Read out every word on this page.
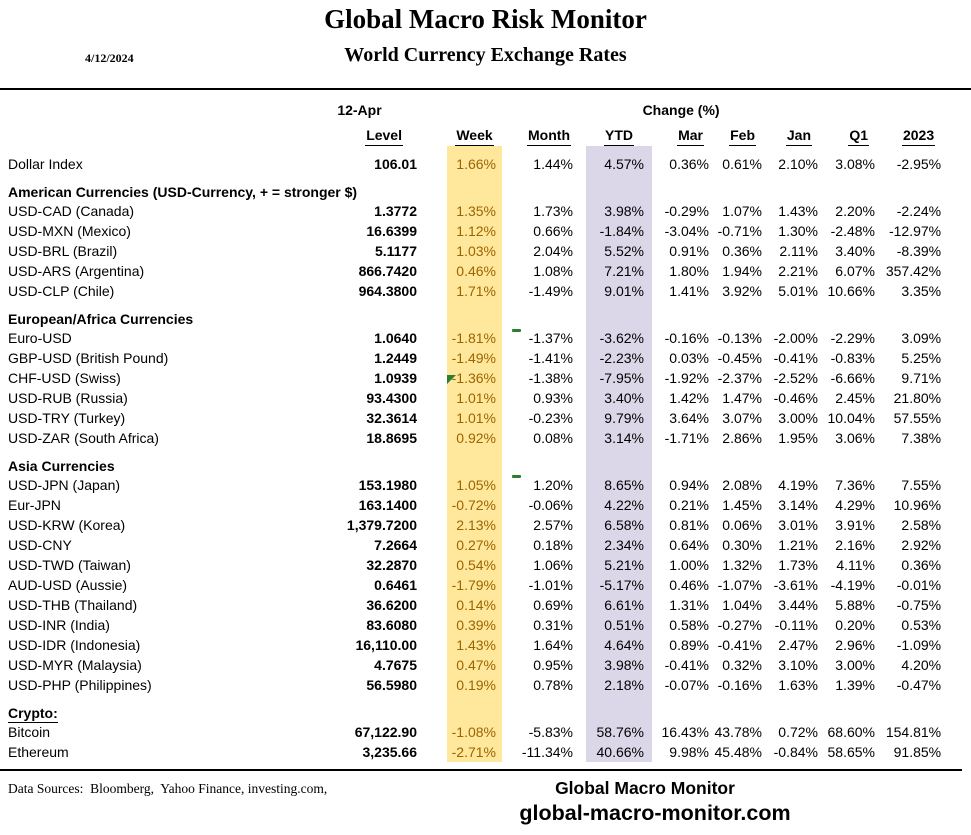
Global Macro Risk Monitor
World Currency Exchange Rates
4/12/2024
	12-Apr	Change (%)									
	Level		Week	Month		YTD	Mar	Feb	Jan	Q1	2023

Dollar Index	106.01		1.66%	1.44%		4.57%	0.36%	0.61%	2.10%	3.08%	-2.95%
American Currencies (USD-Currency, + = stronger $)											
USD-CAD (Canada)	1.3772		1.35%	1.73%		3.98%	-0.29%	1.07%	1.43%	2.20%	-2.24%
USD-MXN (Mexico)	16.6399		1.12%	0.66%		-1.84%	-3.04%	-0.71%	1.30%	-2.48%	-12.97%
USD-BRL (Brazil)	5.1177		1.03%	2.04%		5.52%	0.91%	0.36%	2.11%	3.40%	-8.39%
USD-ARS (Argentina)	866.7420		0.46%	1.08%		7.21%	1.80%	1.94%	2.21%	6.07%	357.42%
USD-CLP (Chile)	964.3800		1.71%	-1.49%		9.01%	1.41%	3.92%	5.01%	10.66%	3.35%
European/Africa Currencies											
Euro-USD	1.0640		-1.81%	-1.37%		-3.62%	-0.16%	-0.13%	-2.00%	-2.29%	3.09%
GBP-USD (British Pound)	1.2449		-1.49%	-1.41%		-2.23%	0.03%	-0.45%	-0.41%	-0.83%	5.25%
CHF-USD (Swiss)	1.0939		-1.36%	-1.38%		-7.95%	-1.92%	-2.37%	-2.52%	-6.66%	9.71%
USD-RUB (Russia)	93.4300		1.01%	0.93%		3.40%	1.42%	1.47%	-0.46%	2.45%	21.80%
USD-TRY (Turkey)	32.3614		1.01%	-0.23%		9.79%	3.64%	3.07%	3.00%	10.04%	57.55%
USD-ZAR (South Africa)	18.8695		0.92%	0.08%		3.14%	-1.71%	2.86%	1.95%	3.06%	7.38%
Asia Currencies											
USD-JPN (Japan)	153.1980		1.05%	1.20%		8.65%	0.94%	2.08%	4.19%	7.36%	7.55%
Eur-JPN	163.1400		-0.72%	-0.06%		4.22%	0.21%	1.45%	3.14%	4.29%	10.96%
USD-KRW (Korea)	1,379.7200		2.13%	2.57%		6.58%	0.81%	0.06%	3.01%	3.91%	2.58%
USD-CNY	7.2664		0.27%	0.18%		2.34%	0.64%	0.30%	1.21%	2.16%	2.92%
USD-TWD (Taiwan)	32.2870		0.54%	1.06%		5.21%	1.00%	1.32%	1.73%	4.11%	0.36%
AUD-USD (Aussie)	0.6461		-1.79%	-1.01%		-5.17%	0.46%	-1.07%	-3.61%	-4.19%	-0.01%
USD-THB (Thailand)	36.6200		0.14%	0.69%		6.61%	1.31%	1.04%	3.44%	5.88%	-0.75%
USD-INR (India)	83.6080		0.39%	0.31%		0.51%	0.58%	-0.27%	-0.11%	0.20%	0.53%
USD-IDR (Indonesia)	16,110.00		1.43%	1.64%		4.64%	0.89%	-0.41%	2.47%	2.96%	-1.09%
USD-MYR (Malaysia)	4.7675		0.47%	0.95%		3.98%	-0.41%	0.32%	3.10%	3.00%	4.20%
USD-PHP (Philippines)	56.5980		0.19%	0.78%		2.18%	-0.07%	-0.16%	1.63%	1.39%	-0.47%
Crypto:											
Bitcoin	67,122.90		-1.08%	-5.83%		58.76%	16.43%	43.78%	0.72%	68.60%	154.81%
Ethereum	3,235.66		-2.71%	-11.34%		40.66%	9.98%	45.48%	-0.84%	58.65%	91.85%
Data Sources:  Bloomberg,  Yahoo Finance, investing.com,	Global Macro Monitor
global-macro-monitor.com
